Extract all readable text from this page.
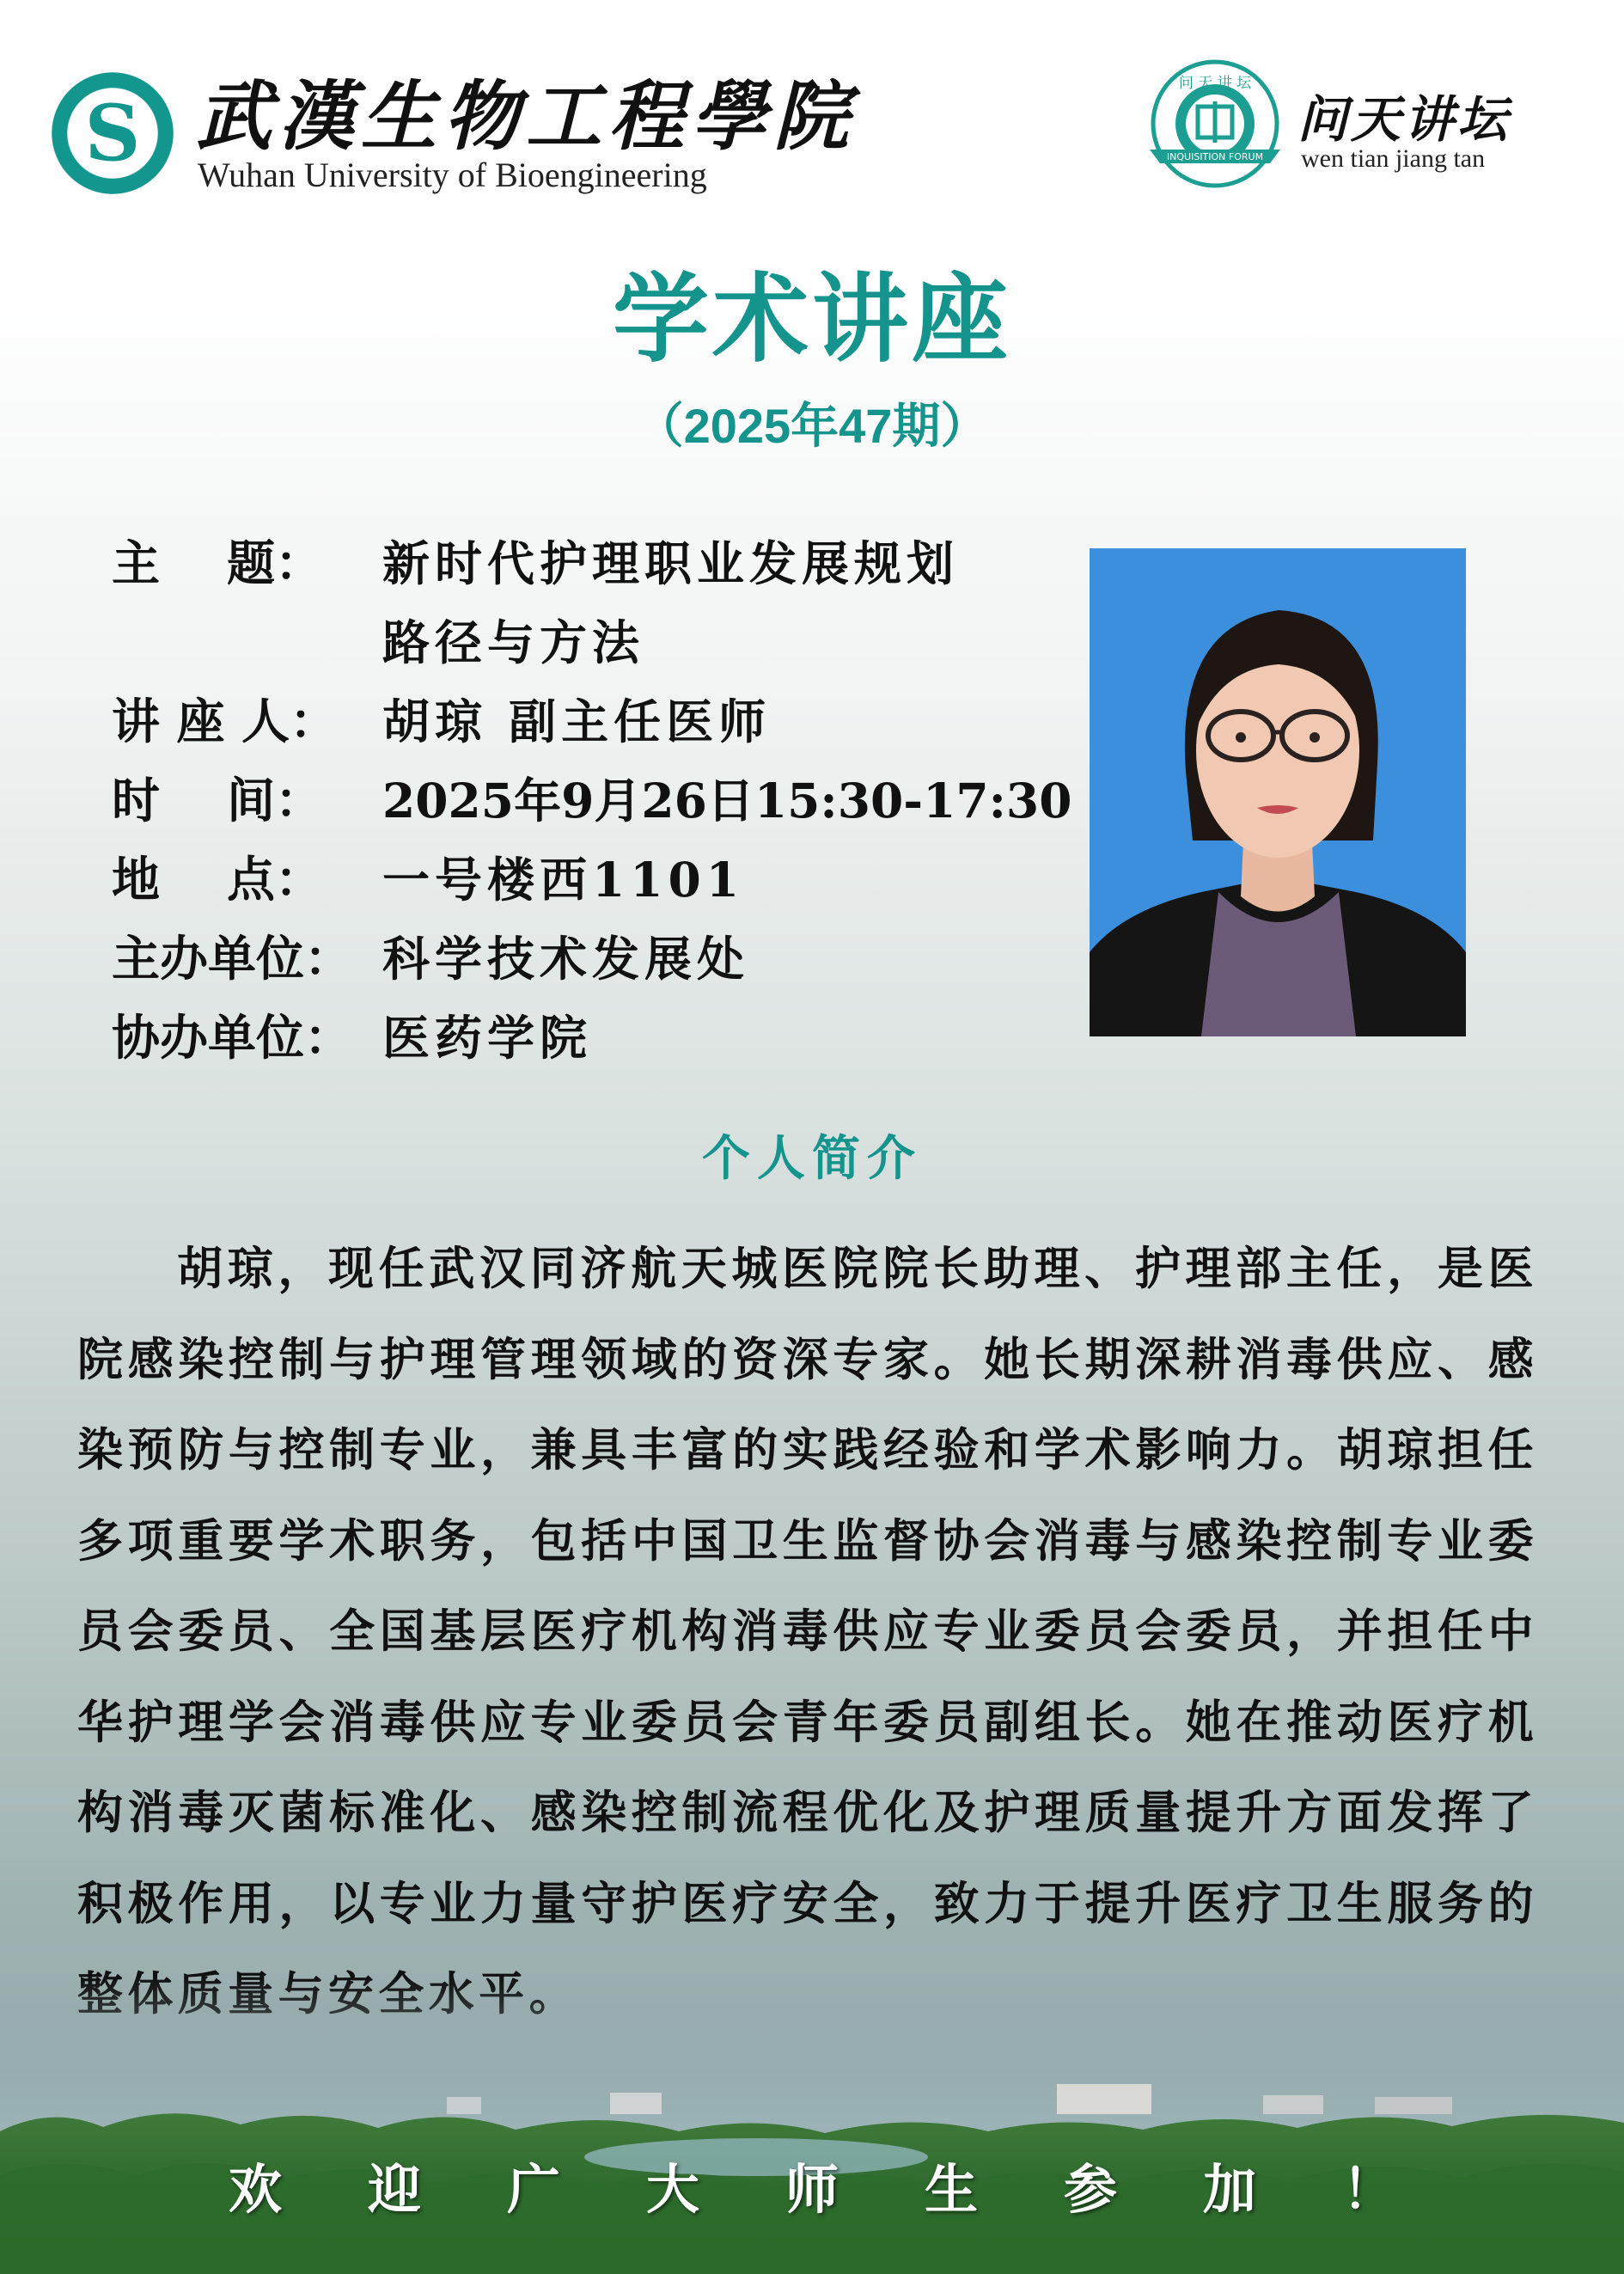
S 武漢生物工程學院
Wuhan University of Bioengineering
问 天 讲 坛
INQUISITION FORUM
问天讲坛
wen tian jiang tan
学术讲座
（2025年47期）
主    题：	新时代护理职业发展规划
路径与方法
讲 座 人： 胡琼 副主任医师
时    间：	2025年9月26日15:30-17:30
地    点：	一号楼西1101
主办单位： 科学技术发展处
协办单位： 医药学院
个人简介
胡琼，现任武汉同济航天城医院院长助理、护理部主任，是医院感染控制与护理管理领域的资深专家。她长期深耕消毒供应、感染预防与控制专业，兼具丰富的实践经验和学术影响力。胡琼担任多项重要学术职务，包括中国卫生监督协会消毒与感染控制专业委员会委员、全国基层医疗机构消毒供应专业委员会委员，并担任中华护理学会消毒供应专业委员会青年委员副组长。她在推动医疗机构消毒灭菌标准化、感染控制流程优化及护理质量提升方面发挥了积极作用，以专业力量守护医疗安全，致力于提升医疗卫生服务的
欢迎广大师生参加！
